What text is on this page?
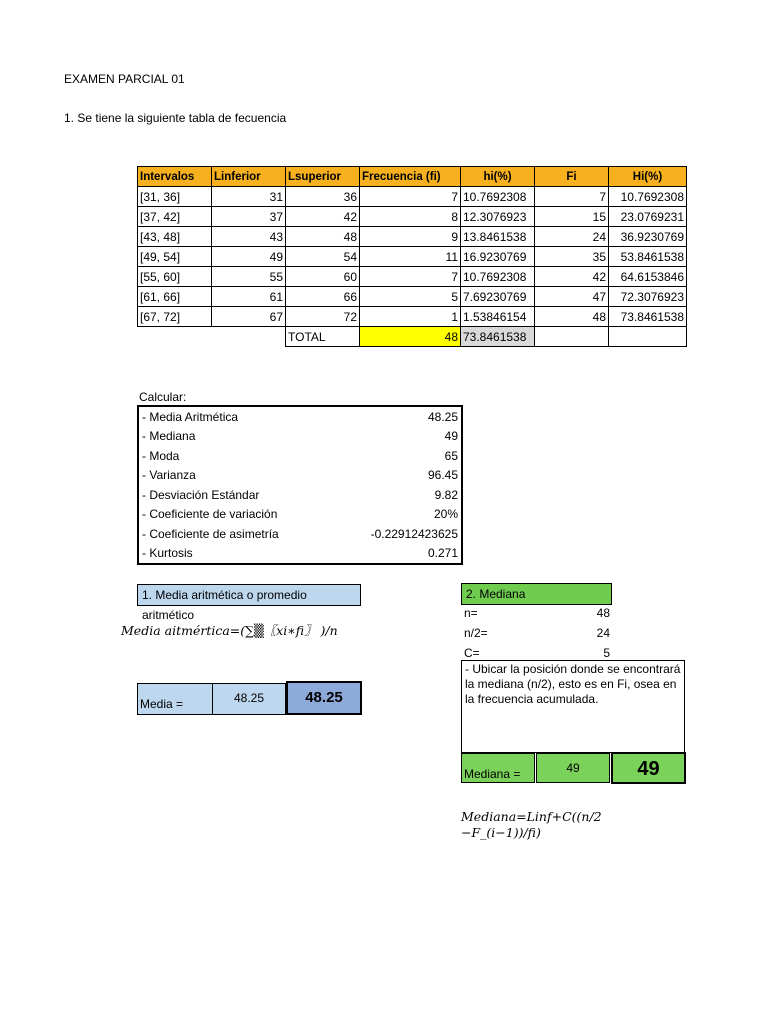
EXAMEN PARCIAL 01
1. Se tiene la siguiente tabla de fecuencia
Intervalos	Linferior	Lsuperior	Frecuencia (fi)	hi(%)	Fi	Hi(%)
[31, 36]	31	36	7	10.7692308	7	10.7692308
[37, 42]	37	42	8	12.3076923	15	23.0769231
[43, 48]	43	48	9	13.8461538	24	36.9230769
[49, 54]	49	54	11	16.9230769	35	53.8461538
[55, 60]	55	60	7	10.7692308	42	64.6153846
[61, 66]	61	66	5	7.69230769	47	72.3076923
[67, 72]	67	72	1	1.53846154	48	73.8461538
		TOTAL	48	73.8461538		
Calcular:
- Media Aritmética	48.25
- Mediana	49
- Moda	65
- Varianza	96.45
- Desviación Estándar	9.82
- Coeficiente de variación	20%
- Coeficiente de asimetría	-0.22912423625
- Kurtosis	0.271
1. Media aritmética o promedio aritmético
Media aitmértica=(∑▒〖xi∗fi〗 )/n
Media =	48.25	48.25
2. Mediana
n=	48
n/2=	24
C=	5
- Ubicar la posición donde se encontrará la mediana (n/2), esto es en Fi, osea en la frecuencia acumulada.
Mediana =	49	49
Mediana=Linf+C((n/2
−F_(i−1))/fi)
